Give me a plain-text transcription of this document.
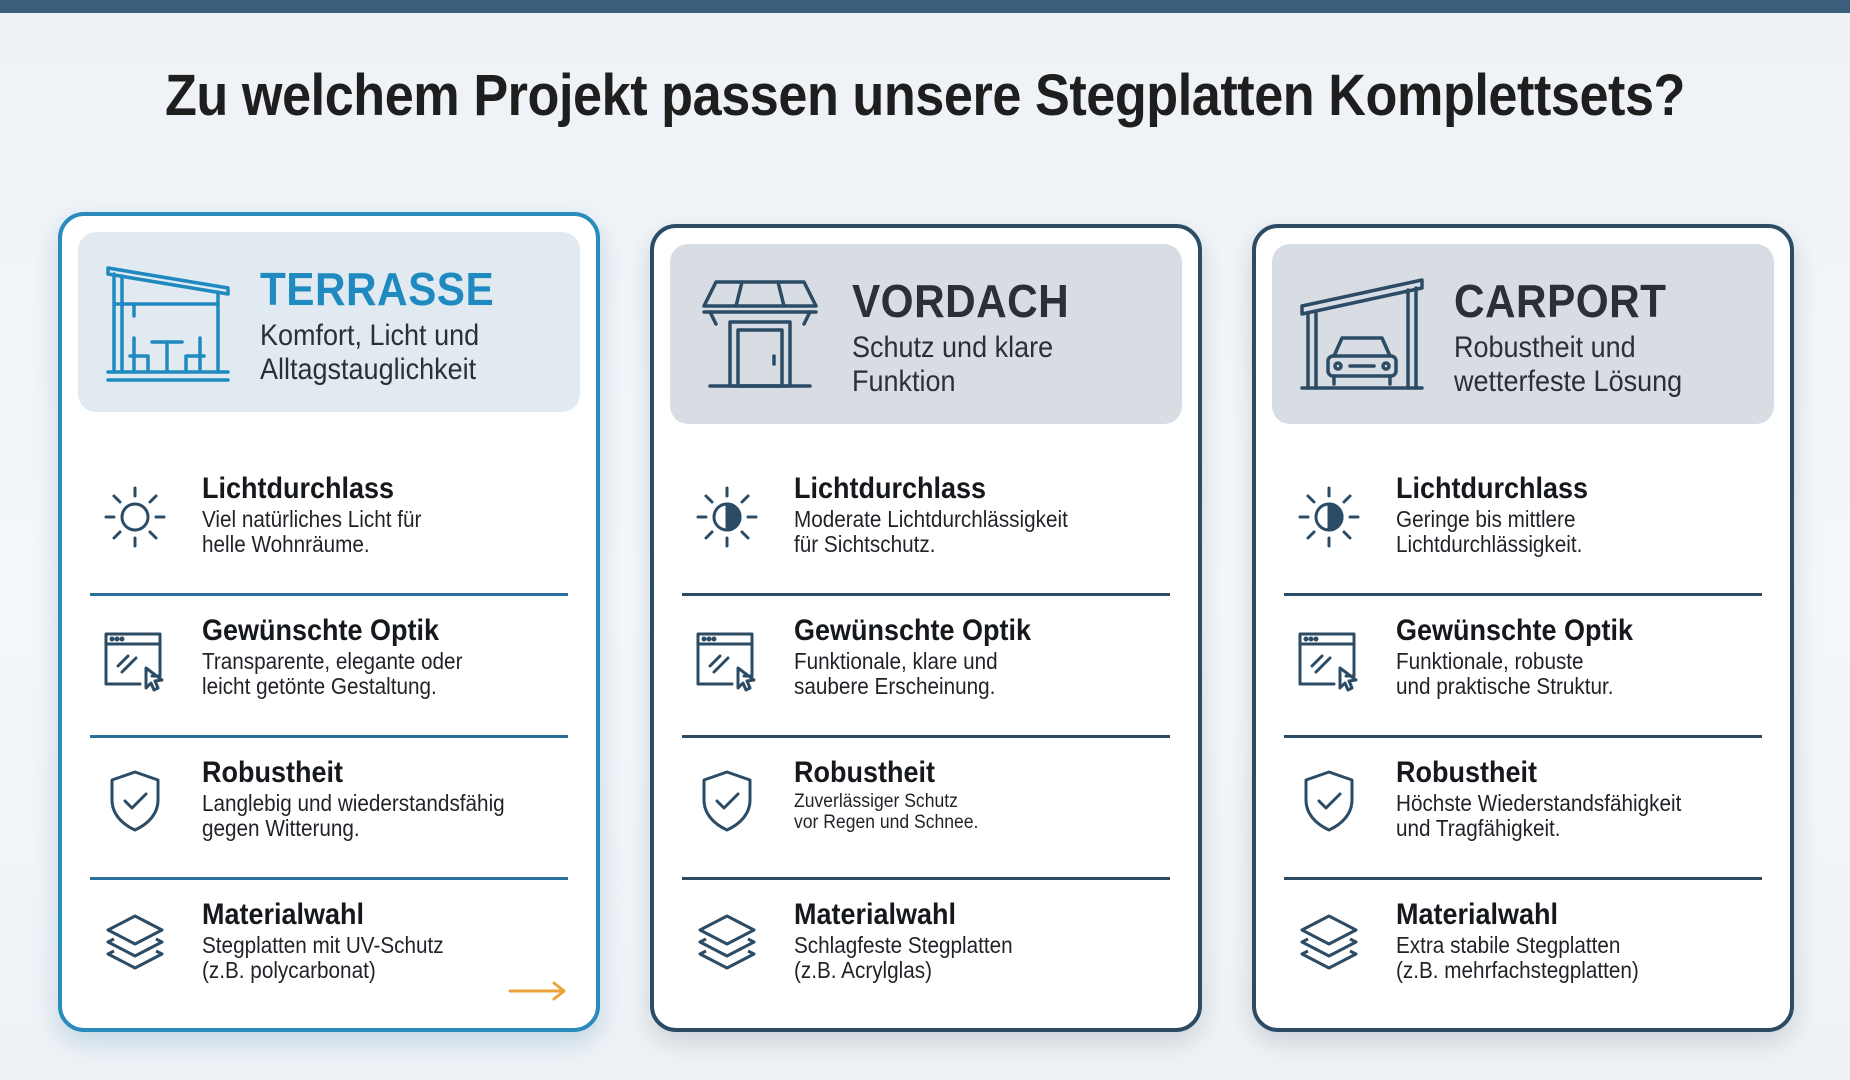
Zu welchem Projekt passen unsere Stegplatten Komplettsets?
TERRASSE
Komfort, Licht und
Alltagstauglichkeit
Lichtdurchlass
Viel natürliches Licht für
helle Wohnräume.
Gewünschte Optik
Transparente, elegante oder
leicht getönte Gestaltung.
Robustheit
Langlebig und wiederstandsfähig
gegen Witterung.
Materialwahl
Stegplatten mit UV-Schutz
(z.B. polycarbonat)
VORDACH
Schutz und klare
Funktion
Lichtdurchlass
Moderate Lichtdurchlässigkeit
für Sichtschutz.
Gewünschte Optik
Funktionale, klare und
saubere Erscheinung.
Robustheit
Zuverlässiger Schutz
vor Regen und Schnee.
Materialwahl
Schlagfeste Stegplatten
(z.B. Acrylglas)
CARPORT
Robustheit und
wetterfeste Lösung
Lichtdurchlass
Geringe bis mittlere
Lichtdurchlässigkeit.
Gewünschte Optik
Funktionale, robuste
und praktische Struktur.
Robustheit
Höchste Wiederstandsfähigkeit
und Tragfähigkeit.
Materialwahl
Extra stabile Stegplatten
(z.B. mehrfachstegplatten)
